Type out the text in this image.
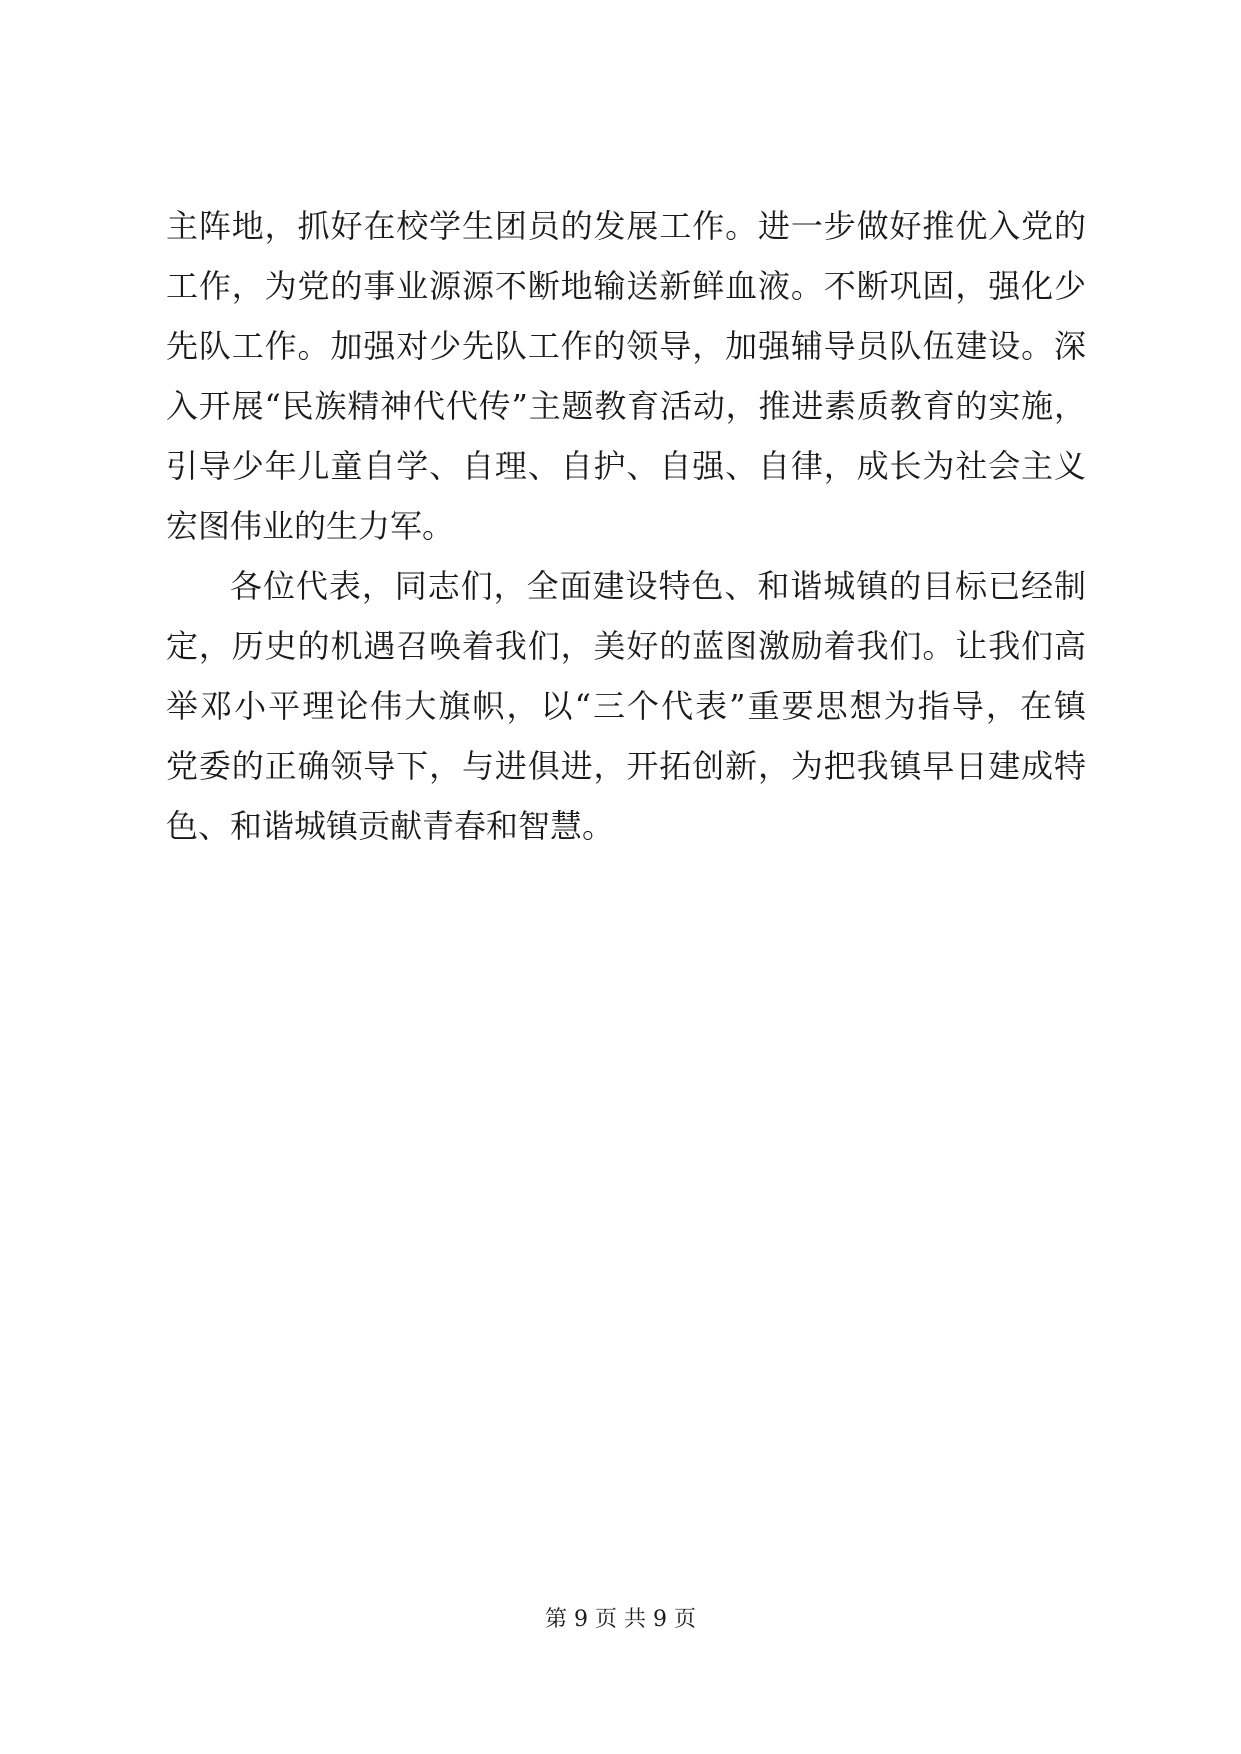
主阵地，抓好在校学生团员的发展工作。进一步做好推优入党的
工作，为党的事业源源不断地输送新鲜血液。不断巩固，强化少
先队工作。加强对少先队工作的领导，加强辅导员队伍建设。深
入开展“民族精神代代传”主题教育活动，推进素质教育的实施，
引导少年儿童自学、自理、自护、自强、自律，成长为社会主义
宏图伟业的生力军。
各位代表，同志们，全面建设特色、和谐城镇的目标已经制
定，历史的机遇召唤着我们，美好的蓝图激励着我们。让我们高
举邓小平理论伟大旗帜，以“三个代表”重要思想为指导，在镇
党委的正确领导下，与进俱进，开拓创新，为把我镇早日建成特
色、和谐城镇贡献青春和智慧。
第 9 页 共 9 页
